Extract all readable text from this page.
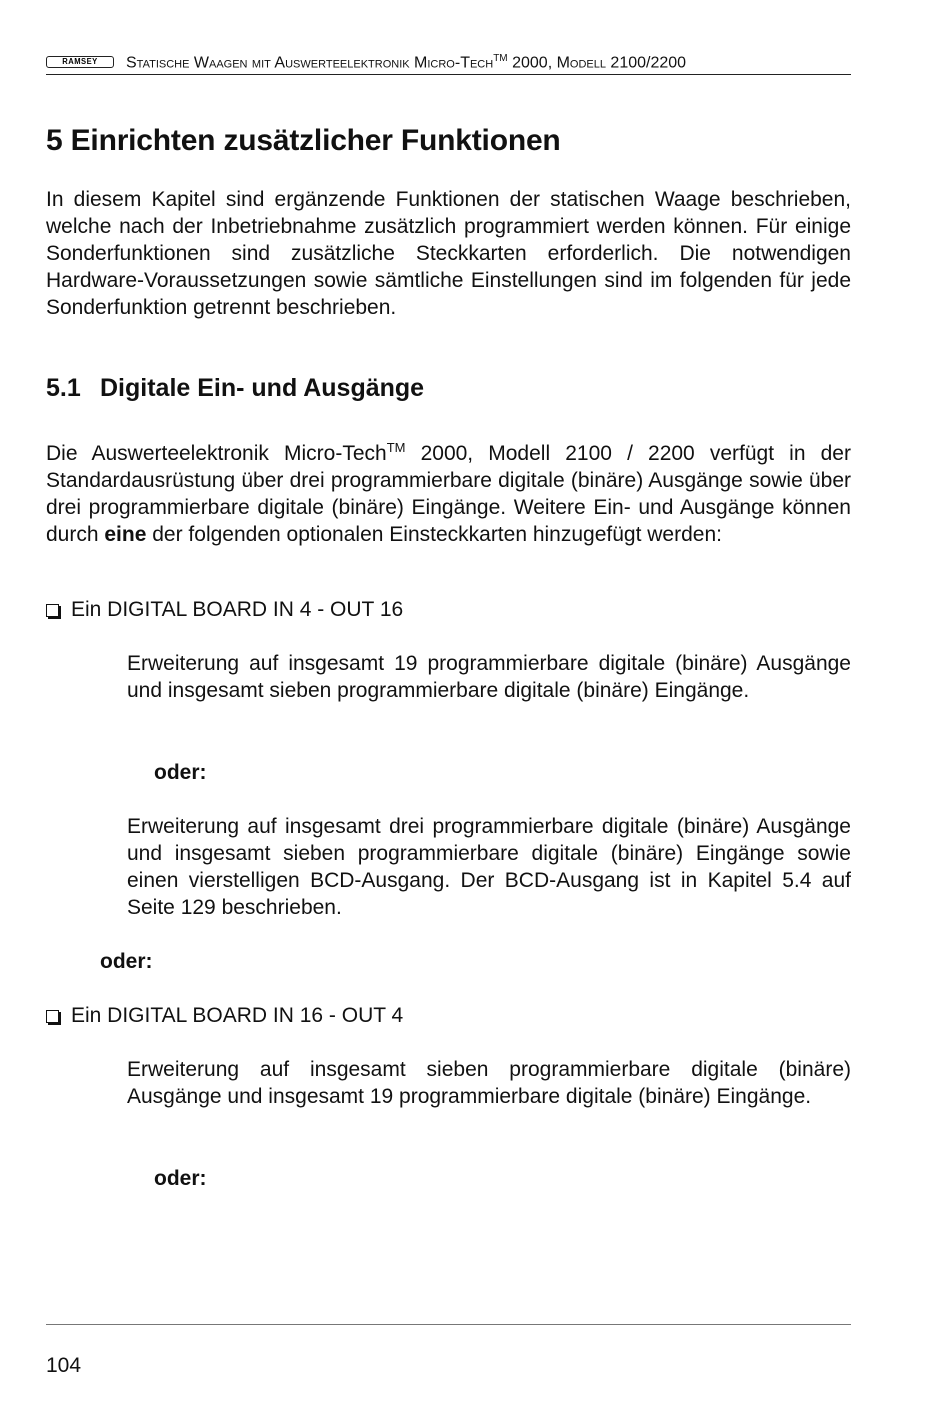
RAMSEY	Statische Waagen mit Auswerteelektronik Micro-Tech™ 2000, Modell 2100/2200
5 Einrichten zusätzlicher Funktionen

In diesem Kapitel sind ergänzende Funktionen der statischen Waage beschrieben, welche nach der Inbetriebnahme zusätzlich programmiert werden können. Für einige Sonderfunktionen sind zusätzliche Steckkarten erforderlich. Die notwendigen Hardware-Voraussetzungen sowie sämtliche Einstellungen sind im folgenden für jede Sonderfunktion getrennt beschrieben.

5.1 Digitale Ein- und Ausgänge

Die Auswerteelektronik Micro-Tech™ 2000, Modell 2100 / 2200 verfügt in der Standardausrüstung über drei programmierbare digitale (binäre) Ausgänge sowie über drei programmierbare digitale (binäre) Eingänge. Weitere Ein- und Ausgänge können durch eine der folgenden optionalen Einsteckkarten hinzugefügt werden:

Ein DIGITAL BOARD IN 4 - OUT 16

Erweiterung auf insgesamt 19 programmierbare digitale (binäre) Ausgänge und insgesamt sieben programmierbare digitale (binäre) Eingänge.

oder:

Erweiterung auf insgesamt drei programmierbare digitale (binäre) Ausgänge und insgesamt sieben programmierbare digitale (binäre) Eingänge sowie einen vierstelligen BCD-Ausgang. Der BCD-Ausgang ist in Kapitel 5.4 auf Seite 129 beschrieben.

oder:
Ein DIGITAL BOARD IN 16 - OUT 4

Erweiterung auf insgesamt sieben programmierbare digitale (binäre) Ausgänge und insgesamt 19 programmierbare digitale (binäre) Eingänge.

oder:
104
